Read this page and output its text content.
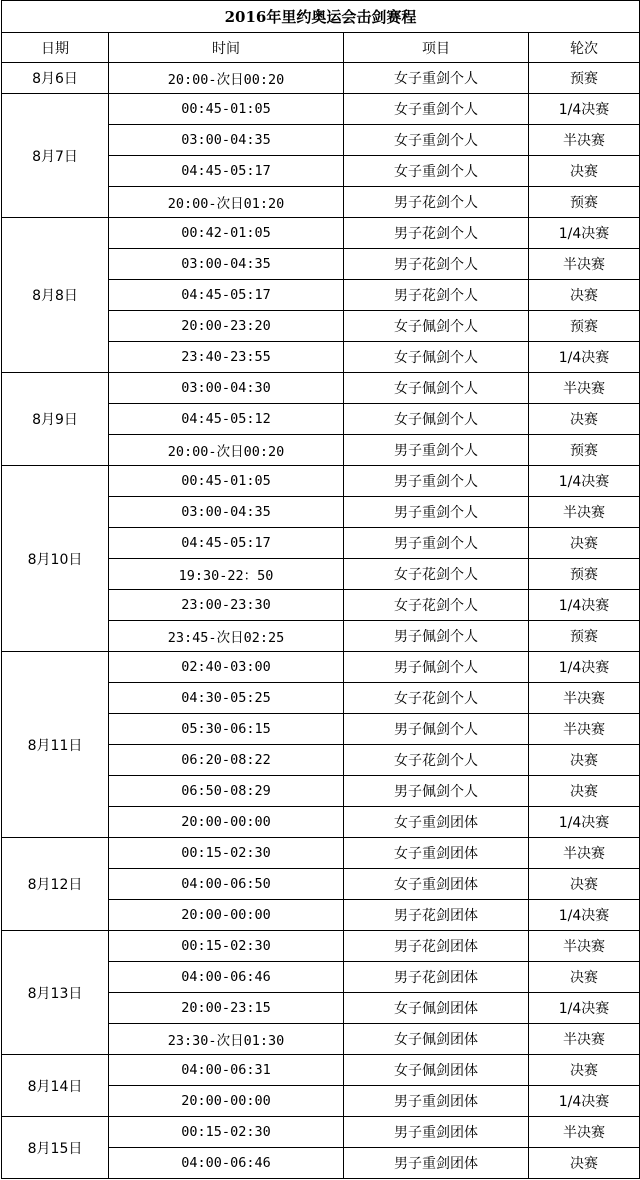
2016年里约奥运会击剑赛程			
日期	时间	项目	轮次
8月6日	20:00-次日00:20	女子重剑个人	预赛
8月7日	00:45-01:05	女子重剑个人	1/4决赛
	03:00-04:35	女子重剑个人	半决赛
	04:45-05:17	女子重剑个人	决赛
	20:00-次日01:20	男子花剑个人	预赛
8月8日	00:42-01:05	男子花剑个人	1/4决赛
	03:00-04:35	男子花剑个人	半决赛
	04:45-05:17	男子花剑个人	决赛
	20:00-23:20	女子佩剑个人	预赛
	23:40-23:55	女子佩剑个人	1/4决赛
8月9日	03:00-04:30	女子佩剑个人	半决赛
	04:45-05:12	女子佩剑个人	决赛
	20:00-次日00:20	男子重剑个人	预赛
8月10日	00:45-01:05	男子重剑个人	1/4决赛
	03:00-04:35	男子重剑个人	半决赛
	04:45-05:17	男子重剑个人	决赛
	19:30-22：50	女子花剑个人	预赛
	23:00-23:30	女子花剑个人	1/4决赛
	23:45-次日02:25	男子佩剑个人	预赛
8月11日	02:40-03:00	男子佩剑个人	1/4决赛
	04:30-05:25	女子花剑个人	半决赛
	05:30-06:15	男子佩剑个人	半决赛
	06:20-08:22	女子花剑个人	决赛
	06:50-08:29	男子佩剑个人	决赛
	20:00-00:00	女子重剑团体	1/4决赛
8月12日	00:15-02:30	女子重剑团体	半决赛
	04:00-06:50	女子重剑团体	决赛
	20:00-00:00	男子花剑团体	1/4决赛
8月13日	00:15-02:30	男子花剑团体	半决赛
	04:00-06:46	男子花剑团体	决赛
	20:00-23:15	女子佩剑团体	1/4决赛
	23:30-次日01:30	女子佩剑团体	半决赛
8月14日	04:00-06:31	女子佩剑团体	决赛
	20:00-00:00	男子重剑团体	1/4决赛
8月15日	00:15-02:30	男子重剑团体	半决赛
	04:00-06:46	男子重剑团体	决赛
